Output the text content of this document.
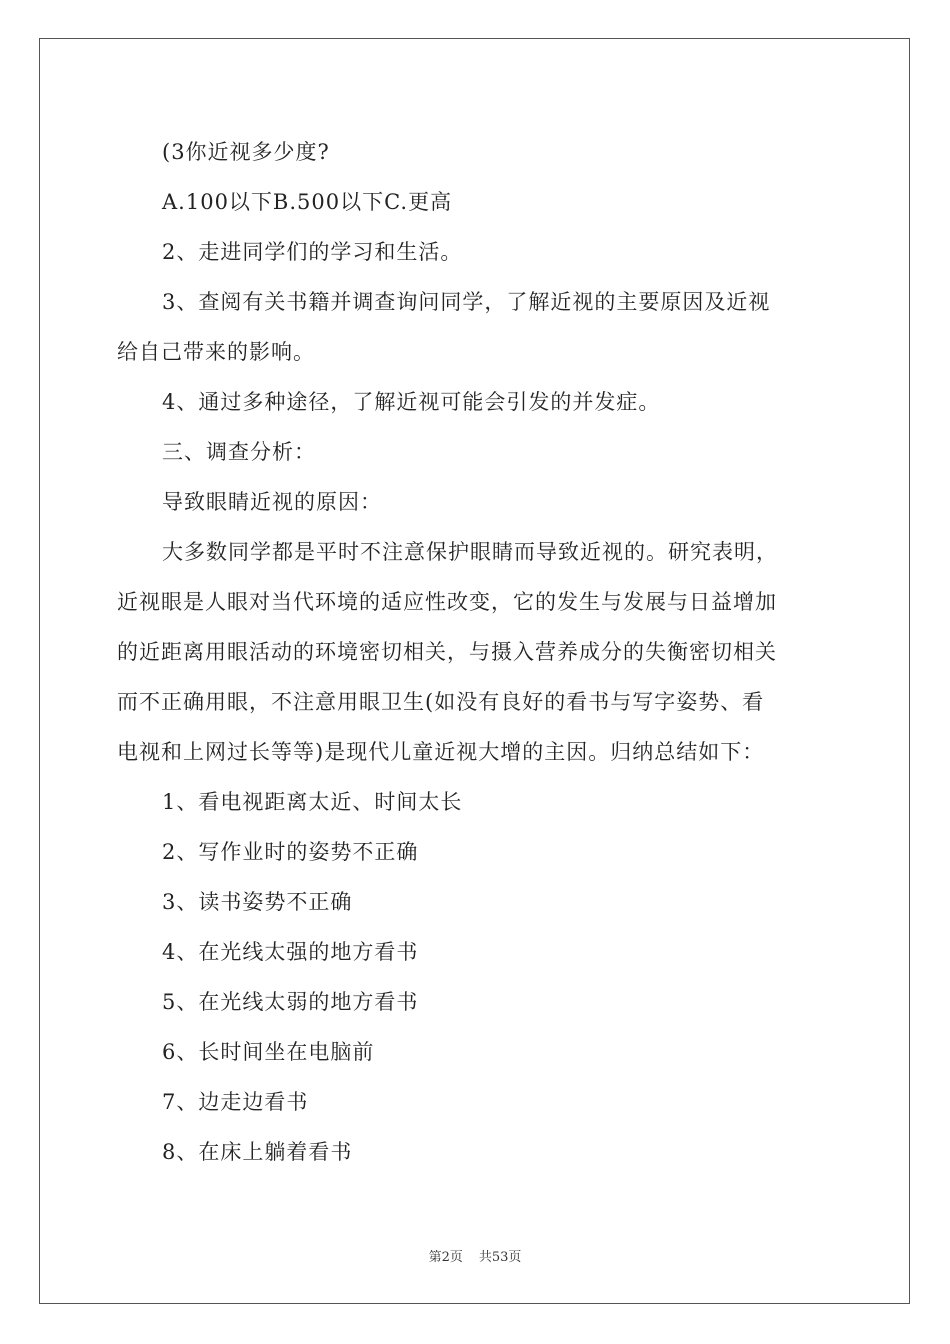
(3你近视多少度?
A.100以下B.500以下C.更高
2、走进同学们的学习和生活。
3、查阅有关书籍并调查询问同学，了解近视的主要原因及近视
给自己带来的影响。
4、通过多种途径，了解近视可能会引发的并发症。
三、调查分析：
导致眼睛近视的原因：
大多数同学都是平时不注意保护眼睛而导致近视的。研究表明，
近视眼是人眼对当代环境的适应性改变，它的发生与发展与日益增加
的近距离用眼活动的环境密切相关，与摄入营养成分的失衡密切相关
而不正确用眼，不注意用眼卫生(如没有良好的看书与写字姿势、看
电视和上网过长等等)是现代儿童近视大增的主因。归纳总结如下：
1、看电视距离太近、时间太长
2、写作业时的姿势不正确
3、读书姿势不正确
4、在光线太强的地方看书
5、在光线太弱的地方看书
6、长时间坐在电脑前
7、边走边看书
8、在床上躺着看书
第2页 共53页
